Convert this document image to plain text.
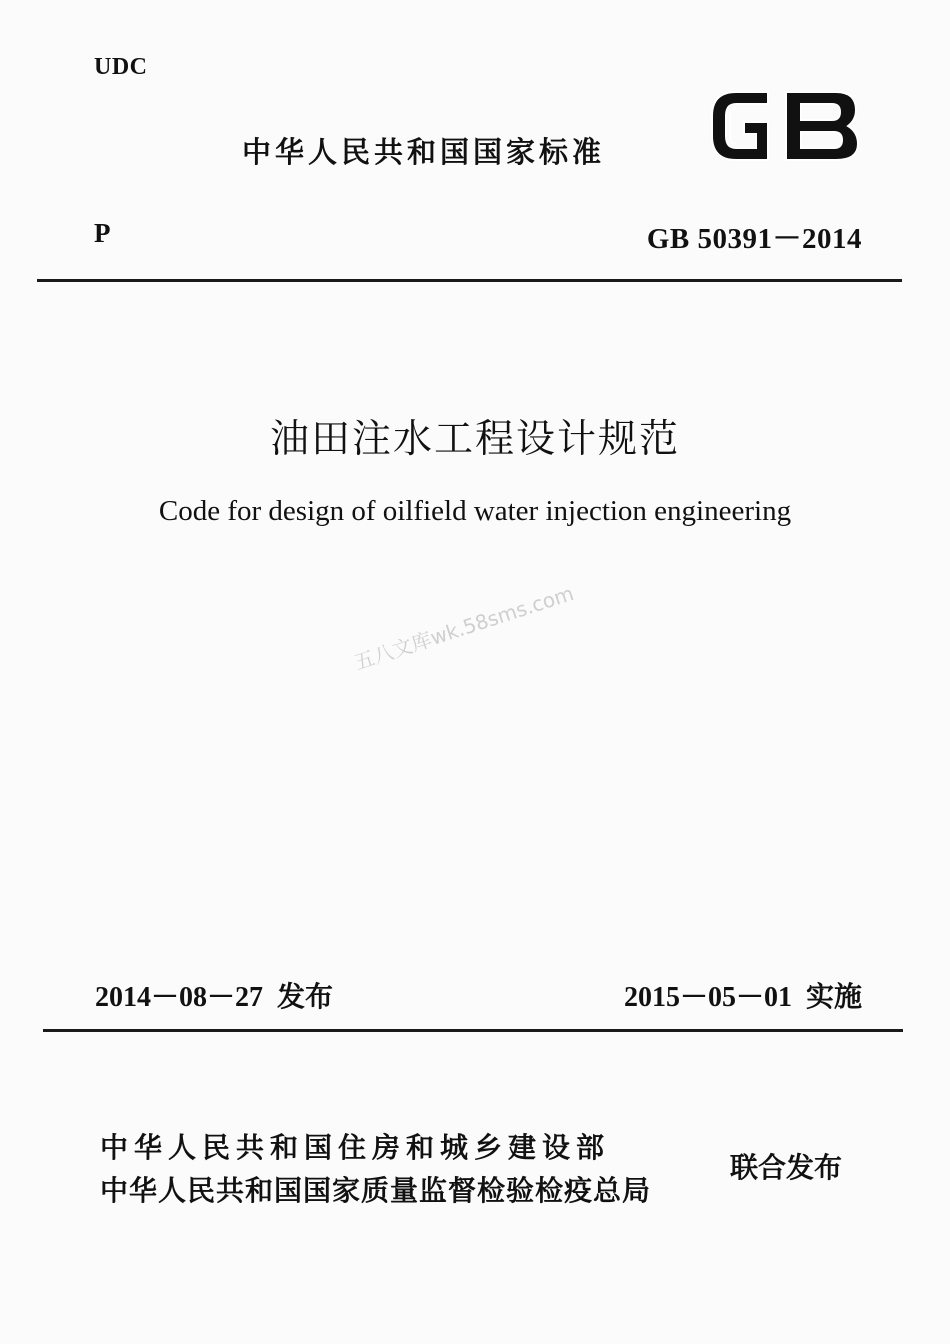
UDC
中华人民共和国国家标准
P	GB 50391－2014
油田注水工程设计规范
Code for design of oilfield water injection engineering
五八文库wk.58sms.com
2014－08－27 发布	2015－05－01 实施
中华人民共和国住房和城乡建设部
中华人民共和国国家质量监督检验检疫总局
联合发布
